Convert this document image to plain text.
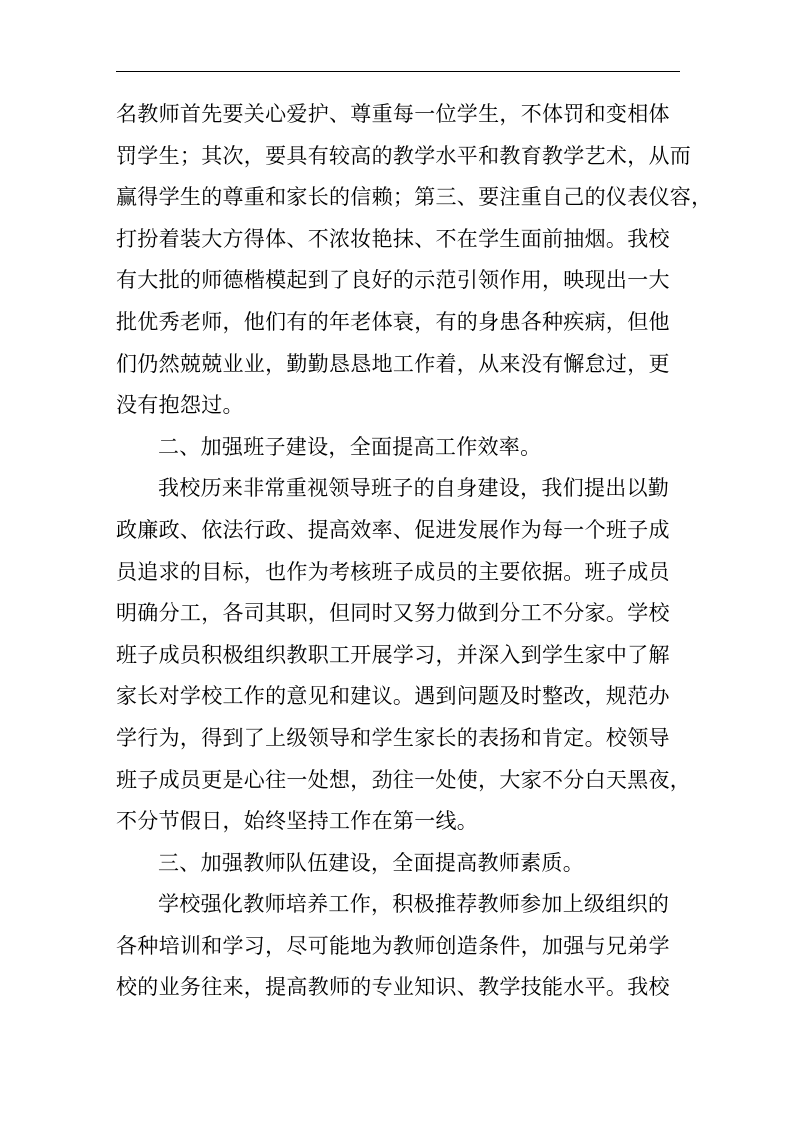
名教师首先要关心爱护、尊重每一位学生，不体罚和变相体
罚学生；其次，要具有较高的教学水平和教育教学艺术，从而
赢得学生的尊重和家长的信赖；第三、要注重自己的仪表仪容，
打扮着装大方得体、不浓妆艳抹、不在学生面前抽烟。我校
有大批的师德楷模起到了良好的示范引领作用，映现出一大
批优秀老师，他们有的年老体衰，有的身患各种疾病，但他
们仍然兢兢业业，勤勤恳恳地工作着，从来没有懈怠过，更
没有抱怨过。
二、加强班子建设，全面提高工作效率。
我校历来非常重视领导班子的自身建设，我们提出以勤
政廉政、依法行政、提高效率、促进发展作为每一个班子成
员追求的目标，也作为考核班子成员的主要依据。班子成员
明确分工，各司其职，但同时又努力做到分工不分家。学校
班子成员积极组织教职工开展学习，并深入到学生家中了解
家长对学校工作的意见和建议。遇到问题及时整改，规范办
学行为，得到了上级领导和学生家长的表扬和肯定。校领导
班子成员更是心往一处想，劲往一处使，大家不分白天黑夜，
不分节假日，始终坚持工作在第一线。
三、加强教师队伍建设，全面提高教师素质。
学校强化教师培养工作，积极推荐教师参加上级组织的
各种培训和学习，尽可能地为教师创造条件，加强与兄弟学
校的业务往来，提高教师的专业知识、教学技能水平。我校
